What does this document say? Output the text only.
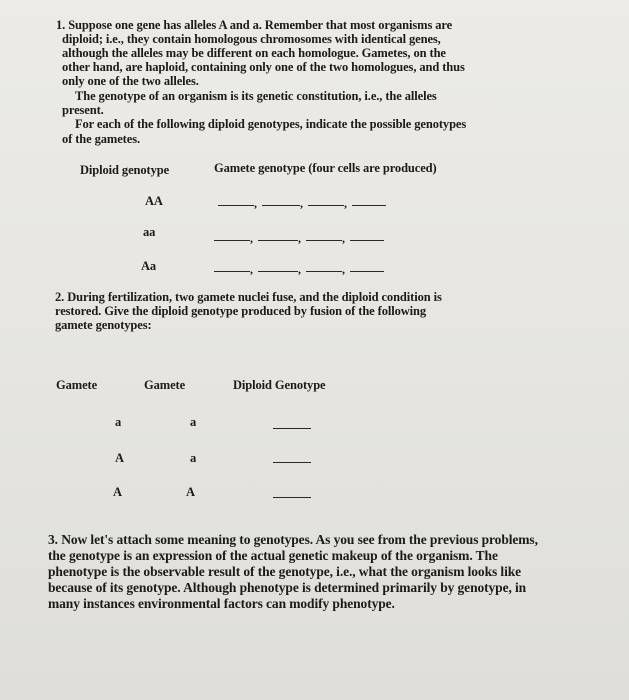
1. Suppose one gene has alleles A and a. Remember that most organisms are
diploid; i.e., they contain homologous chromosomes with identical genes,
although the alleles may be different on each homologue. Gametes, on the
other hand, are haploid, containing only one of the two homologues, and thus
only one of the two alleles.
The genotype of an organism is its genetic constitution, i.e., the alleles
present.
For each of the following diploid genotypes, indicate the possible genotypes
of the gametes.
Diploid genotype	Gamete genotype (four cells are produced)
AA	,	,	,
aa	,	,	,
Aa	,	,	,
2. During fertilization, two gamete nuclei fuse, and the diploid condition is
restored. Give the diploid genotype produced by fusion of the following
gamete genotypes:
Gamete	Gamete	Diploid Genotype
a	a
A	a
A	A
3. Now let's attach some meaning to genotypes. As you see from the previous problems,
the genotype is an expression of the actual genetic makeup of the organism. The
phenotype is the observable result of the genotype, i.e., what the organism looks like
because of its genotype. Although phenotype is determined primarily by genotype, in
many instances environmental factors can modify phenotype.
